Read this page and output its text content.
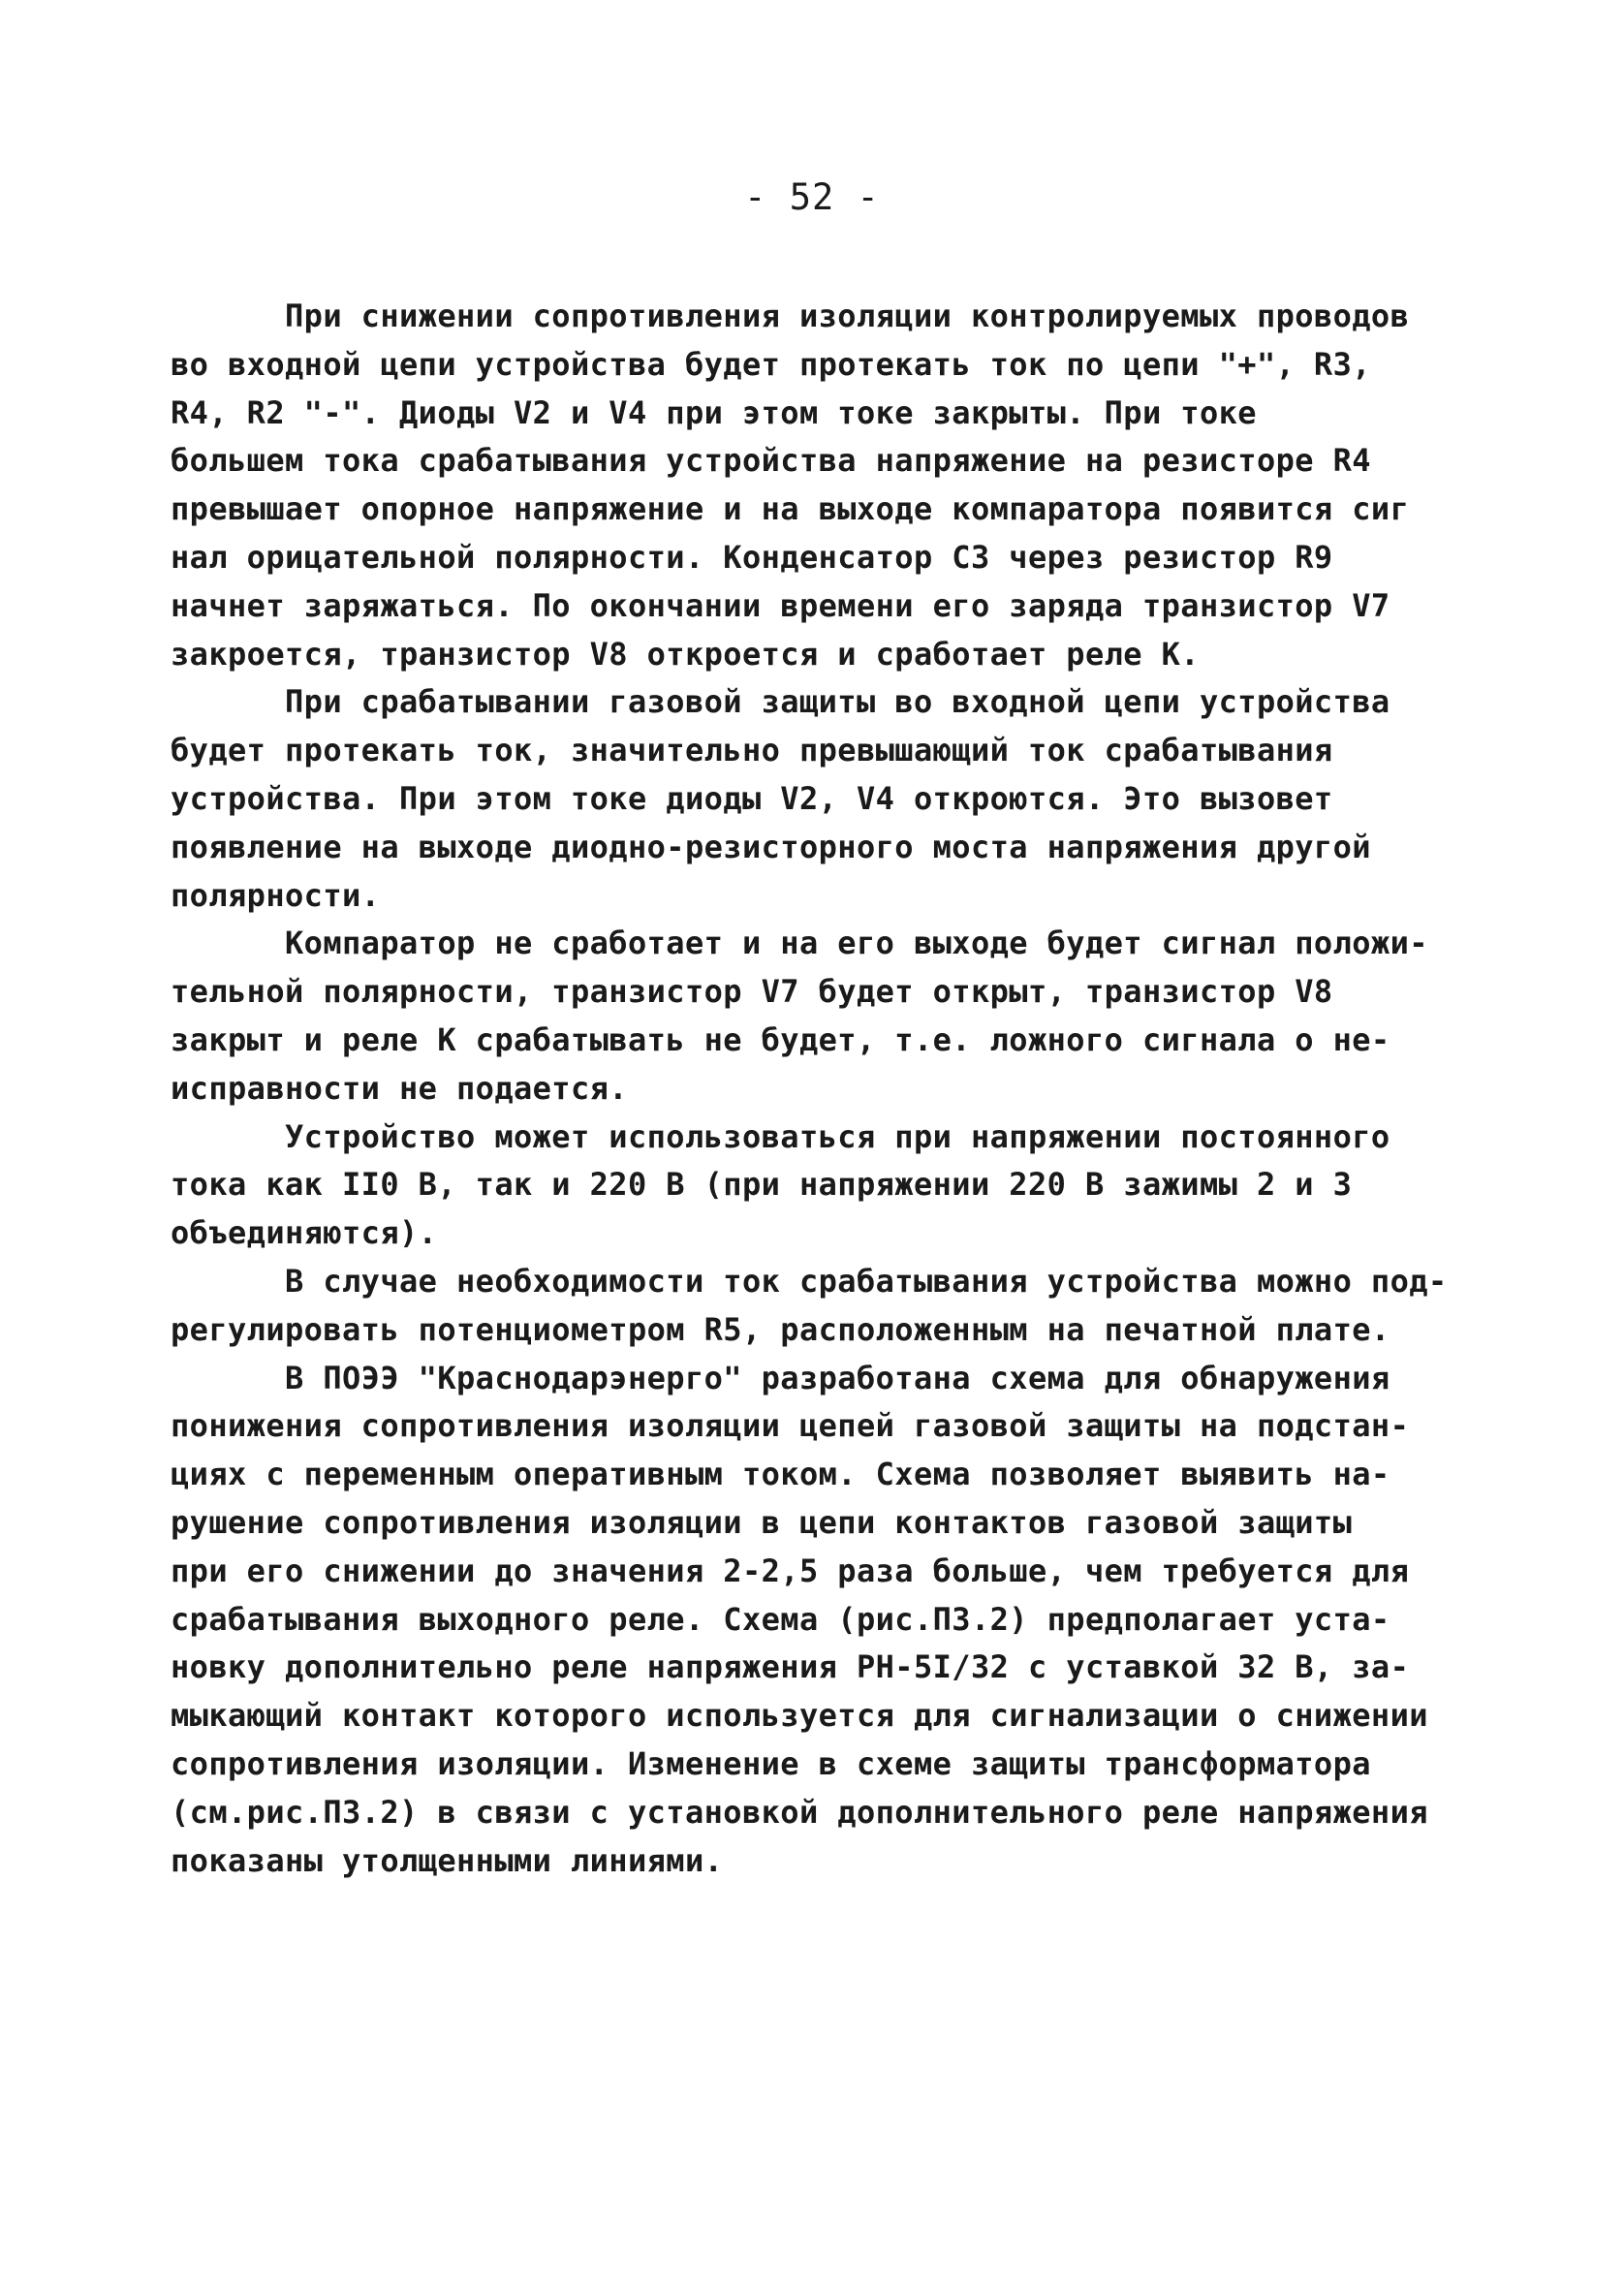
- 52 -

При снижении сопротивления изоляции контролируемых проводов
во входной цепи устройства будет протекать ток по цепи "+", R3,
R4, R2 "-". Диоды V2 и V4 при этом токе закрыты. При токе
большем тока срабатывания устройства напряжение на резисторе R4
превышает опорное напряжение и на выходе компаратора появится сиг
нал орицательной полярности. Конденсатор С3 через резистор R9
начнет заряжаться. По окончании времени его заряда транзистор V7
закроется, транзистор V8 откроется и сработает реле К.

При срабатывании газовой защиты во входной цепи устройства
будет протекать ток, значительно превышающий ток срабатывания
устройства. При этом токе диоды V2, V4 откроются. Это вызовет
появление на выходе диодно-резисторного моста напряжения другой
полярности.

Компаратор не сработает и на его выходе будет сигнал положи-
тельной полярности, транзистор V7 будет открыт, транзистор V8
закрыт и реле К срабатывать не будет, т.е. ложного сигнала о не-
исправности не подается.

Устройство может использоваться при напряжении постоянного
тока как II0 В, так и 220 В (при напряжении 220 В зажимы 2 и 3
объединяются).

В случае необходимости ток срабатывания устройства можно под-
регулировать потенциометром R5, расположенным на печатной плате.

В ПОЭЭ "Краснодарэнерго" разработана схема для обнаружения
понижения сопротивления изоляции цепей газовой защиты на подстан-
циях с переменным оперативным током. Схема позволяет выявить на-
рушение сопротивления изоляции в цепи контактов газовой защиты
при его снижении до значения 2-2,5 раза больше, чем требуется для
срабатывания выходного реле. Схема (рис.П3.2) предполагает уста-
новку дополнительно реле напряжения РН-5I/32 с уставкой 32 В, за-
мыкающий контакт которого используется для сигнализации о снижении
сопротивления изоляции. Изменение в схеме защиты трансформатора
(см.рис.П3.2) в связи с установкой дополнительного реле напряжения
показаны утолщенными линиями.
